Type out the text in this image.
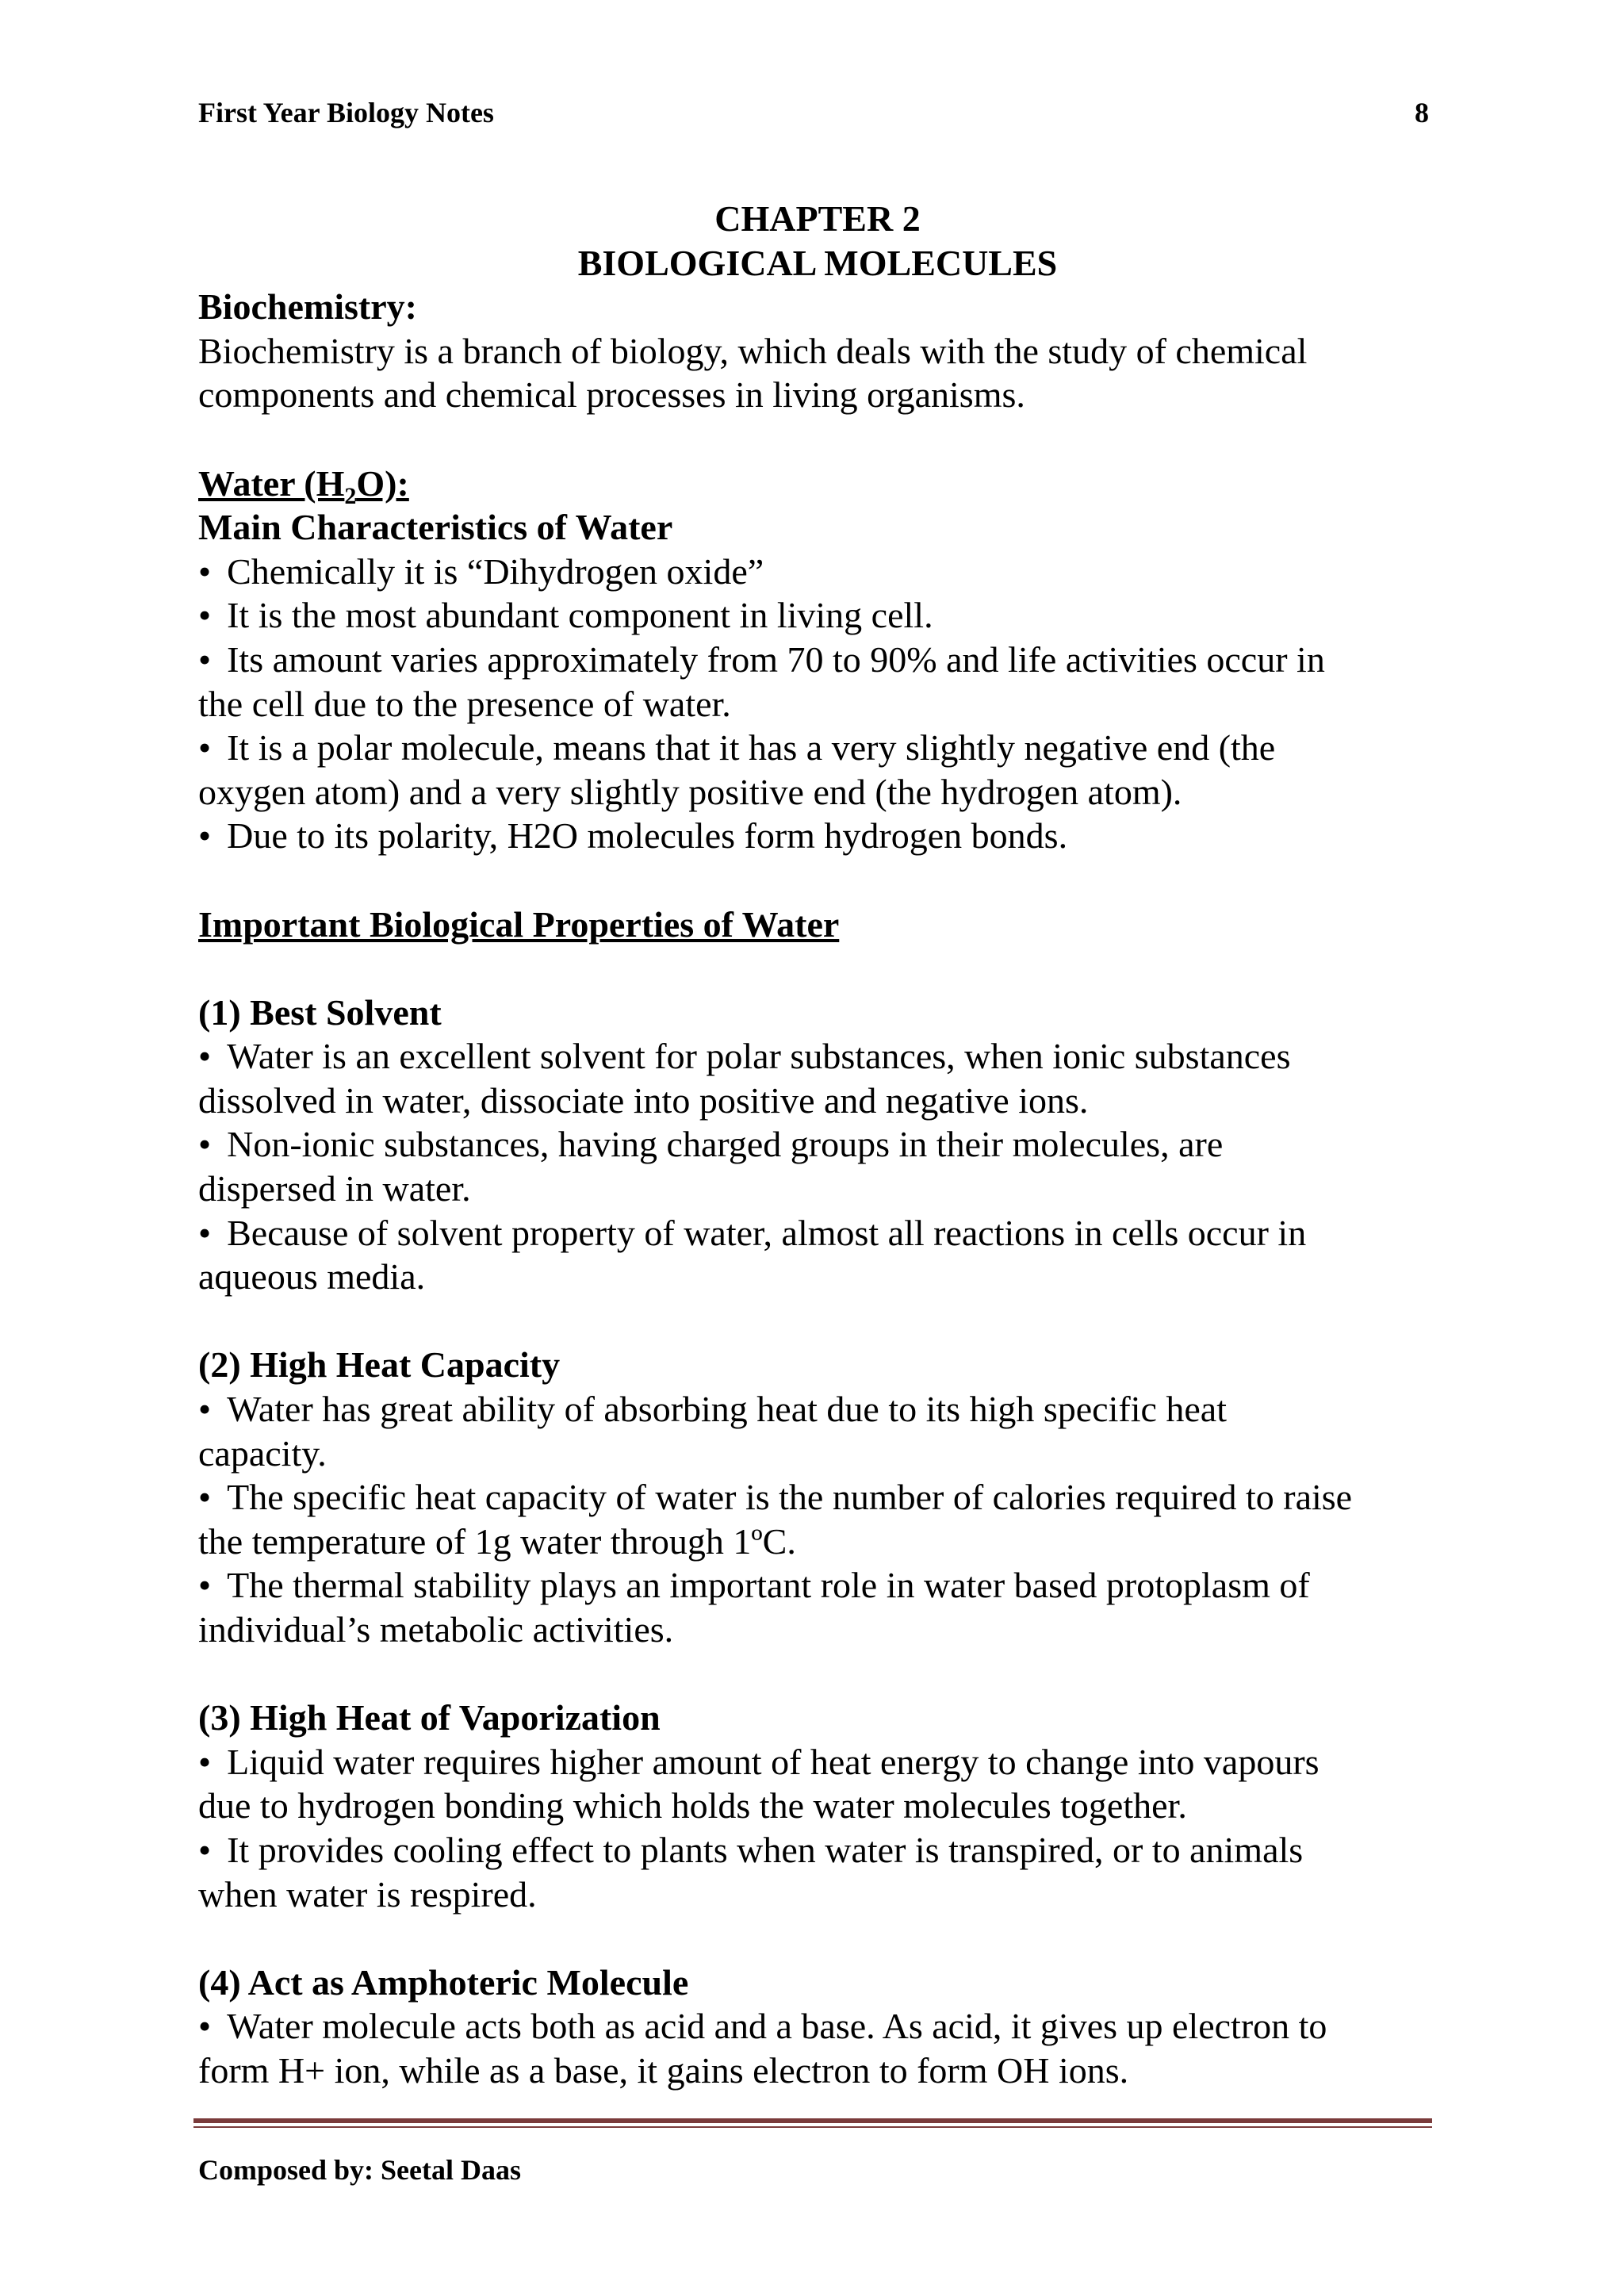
First Year Biology Notes	8
CHAPTER 2
BIOLOGICAL MOLECULES
Biochemistry:
Biochemistry is a branch of biology, which deals with the study of chemical
components and chemical processes in living organisms.
Water $(H_2O)$:
Main Characteristics of Water
• Chemically it is “Dihydrogen oxide”
• It is the most abundant component in living cell.
• Its amount varies approximately from 70 to 90% and life activities occur in
the cell due to the presence of water.
• It is a polar molecule, means that it has a very slightly negative end (the
oxygen atom) and a very slightly positive end (the hydrogen atom).
• Due to its polarity, H2O molecules form hydrogen bonds.
Important Biological Properties of Water
(1) Best Solvent
• Water is an excellent solvent for polar substances, when ionic substances
dissolved in water, dissociate into positive and negative ions.
• Non-ionic substances, having charged groups in their molecules, are
dispersed in water.
• Because of solvent property of water, almost all reactions in cells occur in
aqueous media.
(2) High Heat Capacity
• Water has great ability of absorbing heat due to its high specific heat
capacity.
• The specific heat capacity of water is the number of calories required to raise
the temperature of 1g water through 1ºC.
• The thermal stability plays an important role in water based protoplasm of
individual’s metabolic activities.
(3) High Heat of Vaporization
• Liquid water requires higher amount of heat energy to change into vapours
due to hydrogen bonding which holds the water molecules together.
• It provides cooling effect to plants when water is transpired, or to animals
when water is respired.
(4) Act as Amphoteric Molecule
• Water molecule acts both as acid and a base. As acid, it gives up electron to
form H+ ion, while as a base, it gains electron to form OH ions.
Composed by: Seetal Daas
